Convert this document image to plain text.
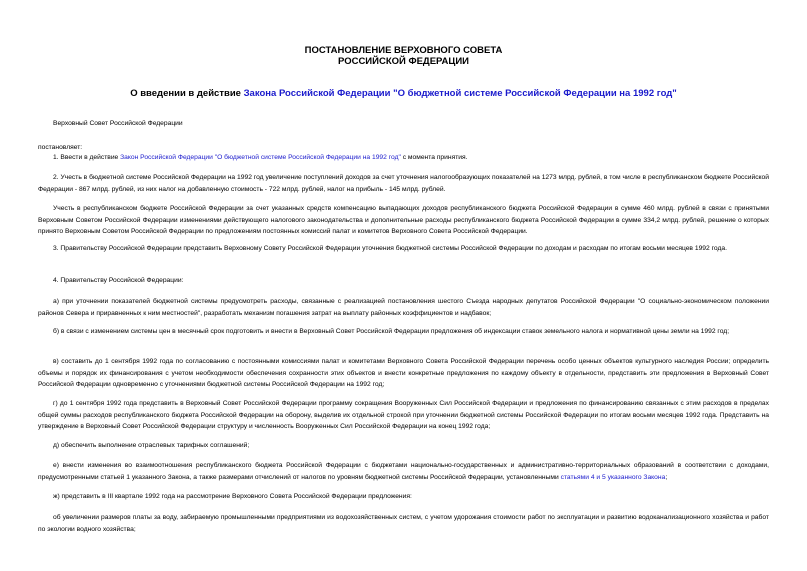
ПОСТАНОВЛЕНИЕ ВЕРХОВНОГО СОВЕТА
РОССИЙСКОЙ ФЕДЕРАЦИИ
О введении в действие Закона Российской Федерации "О бюджетной системе Российской Федерации на 1992 год"
Верховный Совет Российской Федерации
постановляет:
1. Ввести в действие Закон Российской Федерации "О бюджетной системе Российской Федерации на 1992 год" с момента принятия.
2. Учесть в бюджетной системе Российской Федерации на 1992 год увеличение поступлений доходов за счет уточнения налогообразующих показателей на 1273 млрд. рублей, в том числе в республиканском бюджете Российской Федерации - 867 млрд. рублей, из них налог на добавленную стоимость - 722 млрд. рублей, налог на прибыль - 145 млрд. рублей.
Учесть в республиканском бюджете Российской Федерации за счет указанных средств компенсацию выпадающих доходов республиканского бюджета Российской Федерации в сумме 460 млрд. рублей в связи с принятыми Верховным Советом Российской Федерации изменениями действующего налогового законодательства и дополнительные расходы республиканского бюджета Российской Федерации в сумме 334,2 млрд. рублей, решение о которых принято Верховным Советом Российской Федерации по предложениям постоянных комиссий палат и комитетов Верховного Совета Российской Федерации.
3. Правительству Российской Федерации представить Верховному Совету Российской Федерации уточнения бюджетной системы Российской Федерации по доходам и расходам по итогам восьми месяцев 1992 года.
4. Правительству Российской Федерации:
а) при уточнении показателей бюджетной системы предусмотреть расходы, связанные с реализацией постановления шестого Съезда народных депутатов Российской Федерации "О социально-экономическом положении районов Севера и приравненных к ним местностей", разработать механизм погашения затрат на выплату районных коэффициентов и надбавок;
б) в связи с изменением системы цен в месячный срок подготовить и внести в Верховный Совет Российской Федерации предложения об индексации ставок земельного налога и нормативной цены земли на 1992 год;
в) составить до 1 сентября 1992 года по согласованию с постоянными комиссиями палат и комитетами Верховного Совета Российской Федерации перечень особо ценных объектов культурного наследия России; определить объемы и порядок их финансирования с учетом необходимости обеспечения сохранности этих объектов и внести конкретные предложения по каждому объекту в отдельности, представить эти предложения в Верховный Совет Российской Федерации одновременно с уточнениями бюджетной системы Российской Федерации на 1992 год;
г) до 1 сентября 1992 года представить в Верховный Совет Российской Федерации программу сокращения Вооруженных Сил Российской Федерации и предложения по финансированию связанных с этим расходов в пределах общей суммы расходов республиканского бюджета Российской Федерации на оборону, выделив их отдельной строкой при уточнении бюджетной системы Российской Федерации по итогам восьми месяцев 1992 года. Представить на утверждение в Верховный Совет Российской Федерации структуру и численность Вооруженных Сил Российской Федерации на конец 1992 года;
д) обеспечить выполнение отраслевых тарифных соглашений;
е) внести изменения во взаимоотношения республиканского бюджета Российской Федерации с бюджетами национально-государственных и административно-территориальных образований в соответствии с доходами, предусмотренными статьей 1 указанного Закона, а также размерами отчислений от налогов по уровням бюджетной системы Российской Федерации, установленными статьями 4 и 5 указанного Закона;
ж) представить в III квартале 1992 года на рассмотрение Верховного Совета Российской Федерации предложения:
об увеличении размеров платы за воду, забираемую промышленными предприятиями из водохозяйственных систем, с учетом удорожания стоимости работ по эксплуатации и развитию водоканализационного хозяйства и работ по экологии водного хозяйства;
